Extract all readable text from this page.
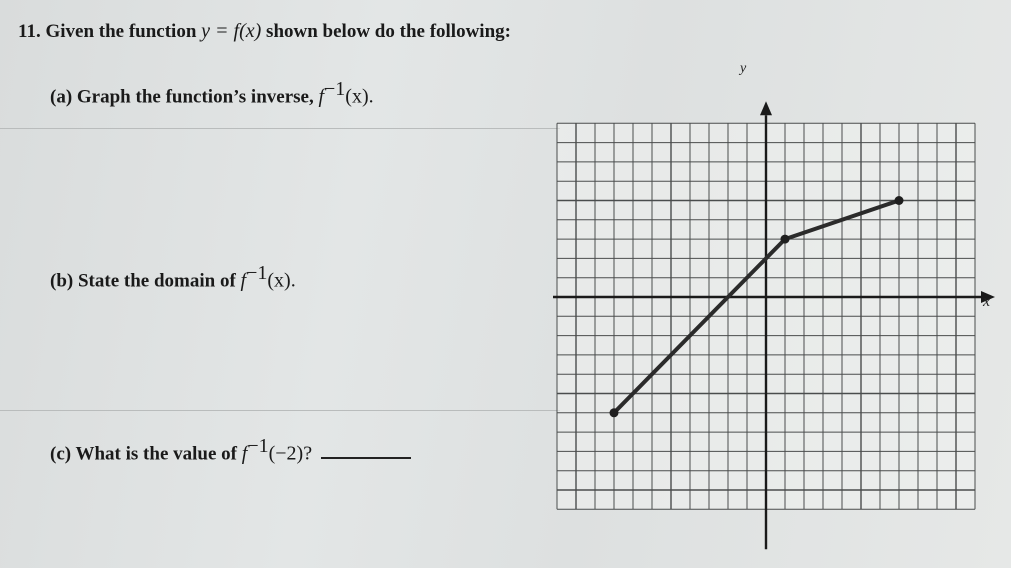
11. Given the function y = f(x) shown below do the following:
(a) Graph the function’s inverse, $f^{-1}(x)$.
(b) State the domain of $f^{-1}(x)$.
(c) What is the value of $f^{-1}(-2)$?
x
y
